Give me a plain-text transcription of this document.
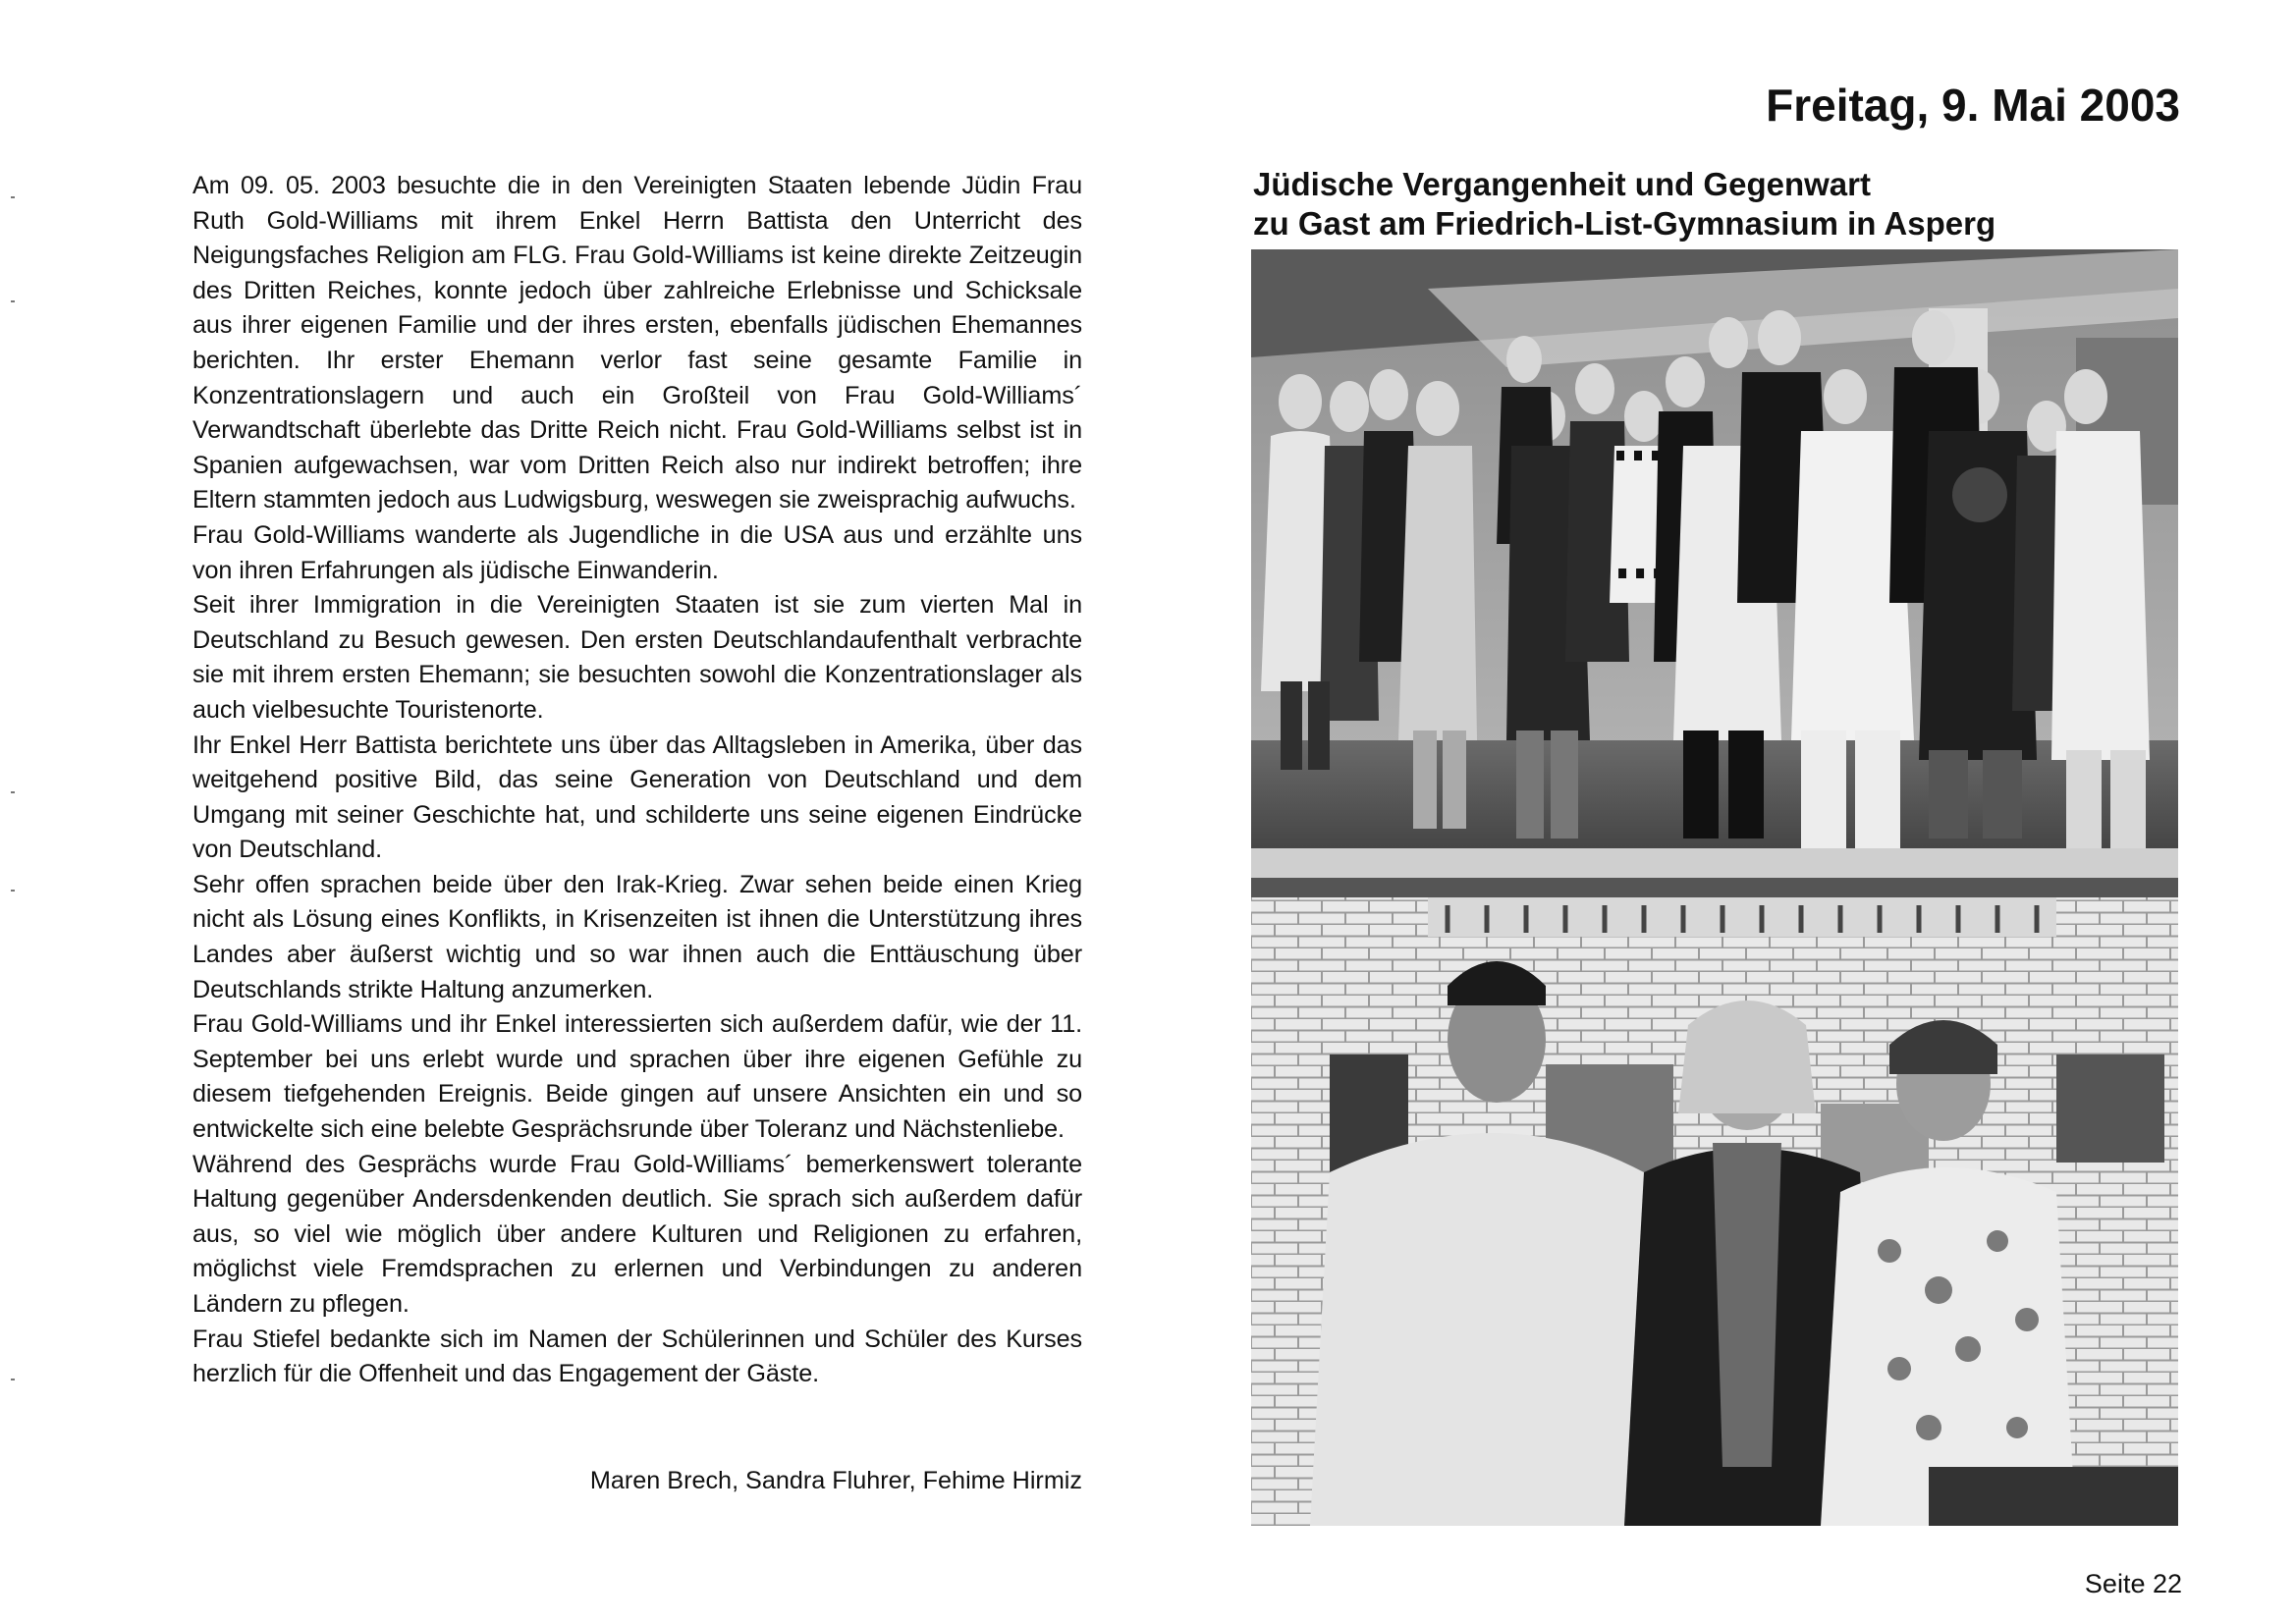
Freitag, 9. Mai 2003

Am 09. 05. 2003 besuchte die in den Vereinigten Staaten lebende Jüdin Frau Ruth Gold-Williams mit ihrem Enkel Herrn Battista den Unterricht des Neigungsfaches Religion am FLG. Frau Gold-Williams ist keine direkte Zeitzeugin des Dritten Reiches, konnte jedoch über zahlreiche Erlebnisse und Schicksale aus ihrer eigenen Familie und der ihres ersten, ebenfalls jüdischen Ehemannes berichten. Ihr erster Ehemann verlor fast seine gesamte Familie in Konzentrationslagern und auch ein Großteil von Frau Gold-Williams´ Verwandtschaft überlebte das Dritte Reich nicht. Frau Gold-Williams selbst ist in Spanien aufgewachsen, war vom Dritten Reich also nur indirekt betroffen; ihre Eltern stammten jedoch aus Ludwigsburg, weswegen sie zweisprachig aufwuchs.

Frau Gold-Williams wanderte als Jugendliche in die USA aus und erzählte uns von ihren Erfahrungen als jüdische Einwanderin.

Seit ihrer Immigration in die Vereinigten Staaten ist sie zum vierten Mal in Deutschland zu Besuch gewesen. Den ersten Deutschlandaufenthalt verbrachte sie mit ihrem ersten Ehemann; sie besuchten sowohl die Konzentrationslager als auch vielbesuchte Touristenorte.

Ihr Enkel Herr Battista berichtete uns über das Alltagsleben in Amerika, über das weitgehend positive Bild, das seine Generation von Deutschland und dem Umgang mit seiner Geschichte hat, und schilderte uns seine eigenen Eindrücke von Deutschland.

Sehr offen sprachen beide über den Irak-Krieg. Zwar sehen beide einen Krieg nicht als Lösung eines Konflikts, in Krisenzeiten ist ihnen die Unterstützung ihres Landes aber äußerst wichtig und so war ihnen auch die Enttäuschung über Deutschlands strikte Haltung anzumerken.

Frau Gold-Williams und ihr Enkel interessierten sich außerdem dafür, wie der 11. September bei uns erlebt wurde und sprachen über ihre eigenen Gefühle zu diesem tiefgehenden Ereignis. Beide gingen auf unsere Ansichten ein und so entwickelte sich eine belebte Gesprächsrunde über Toleranz und Nächstenliebe.

Während des Gesprächs wurde Frau Gold-Williams´ bemerkenswert tolerante Haltung gegenüber Andersdenkenden deutlich. Sie sprach sich außerdem dafür aus, so viel wie möglich über andere Kulturen und Religionen zu erfahren, möglichst viele Fremdsprachen zu erlernen und Verbindungen zu anderen Ländern zu pflegen.

Frau Stiefel bedankte sich im Namen der Schülerinnen und Schüler des Kurses herzlich für die Offenheit und das Engagement der Gäste.

Maren Brech, Sandra Fluhrer, Fehime Hirmiz
Jüdische Vergangenheit und Gegenwart
zu Gast am Friedrich-List-Gymnasium in Asperg
Seite 22
